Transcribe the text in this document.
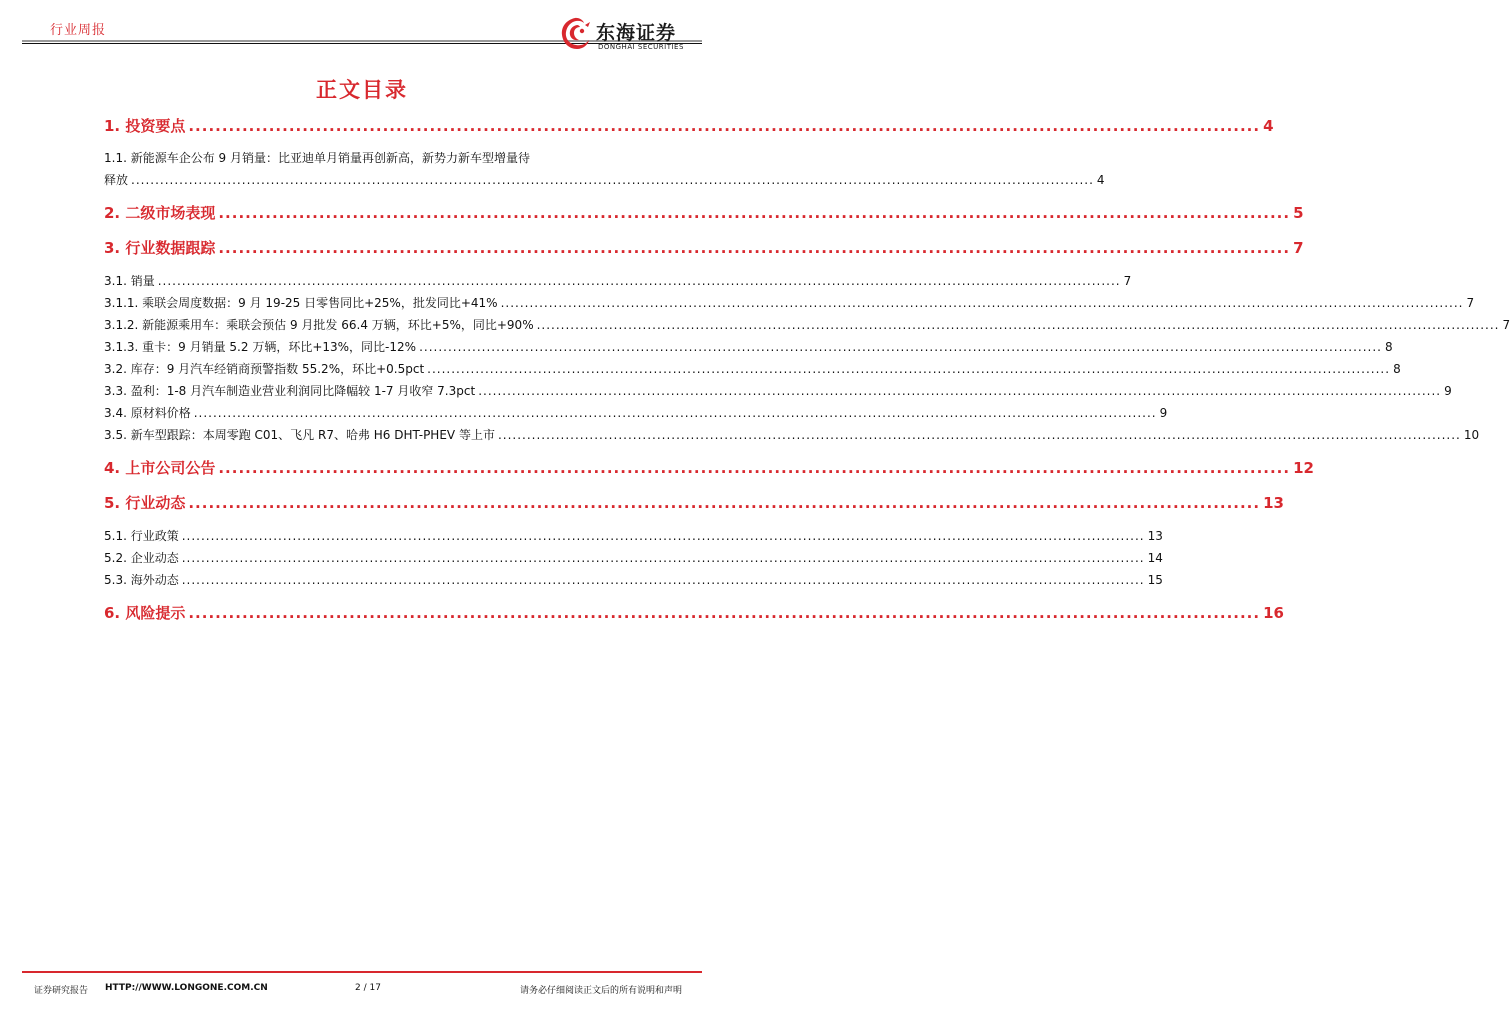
行业周报	东海证券
DONGHAI SECURITIES
正文目录
1. 投资要点 ................................................................................................................................................................ 4
1.1. 新能源车企公布 9 月销量：比亚迪单月销量再创新高，新势力新车型增量待
释放 ........................................................................................................................................................................................................ 4
2. 二级市场表现 ................................................................................................................................................................ 5
3. 行业数据跟踪 ................................................................................................................................................................ 7
3.1. 销量 ........................................................................................................................................................................................................ 7
3.1.1. 乘联会周度数据：9 月 19-25 日零售同比+25%，批发同比+41% ........................................................................................................................................................................................................ 7
3.1.2. 新能源乘用车：乘联会预估 9 月批发 66.4 万辆，环比+5%，同比+90% ........................................................................................................................................................................................................ 7
3.1.3. 重卡：9 月销量 5.2 万辆，环比+13%，同比-12% ........................................................................................................................................................................................................ 8
3.2. 库存：9 月汽车经销商预警指数 55.2%，环比+0.5pct ........................................................................................................................................................................................................ 8
3.3. 盈利：1-8 月汽车制造业营业利润同比降幅较 1-7 月收窄 7.3pct ........................................................................................................................................................................................................ 9
3.4. 原材料价格 ........................................................................................................................................................................................................ 9
3.5. 新车型跟踪：本周零跑 C01、飞凡 R7、哈弗 H6 DHT-PHEV 等上市 ........................................................................................................................................................................................................ 10
4. 上市公司公告 ................................................................................................................................................................ 12
5. 行业动态 ................................................................................................................................................................ 13
5.1. 行业政策 ........................................................................................................................................................................................................ 13
5.2. 企业动态 ........................................................................................................................................................................................................ 14
5.3. 海外动态 ........................................................................................................................................................................................................ 15
6. 风险提示 ................................................................................................................................................................ 16
证券研究报告 HTTP://WWW.LONGONE.COM.CN	2 / 17	请务必仔细阅读正文后的所有说明和声明
